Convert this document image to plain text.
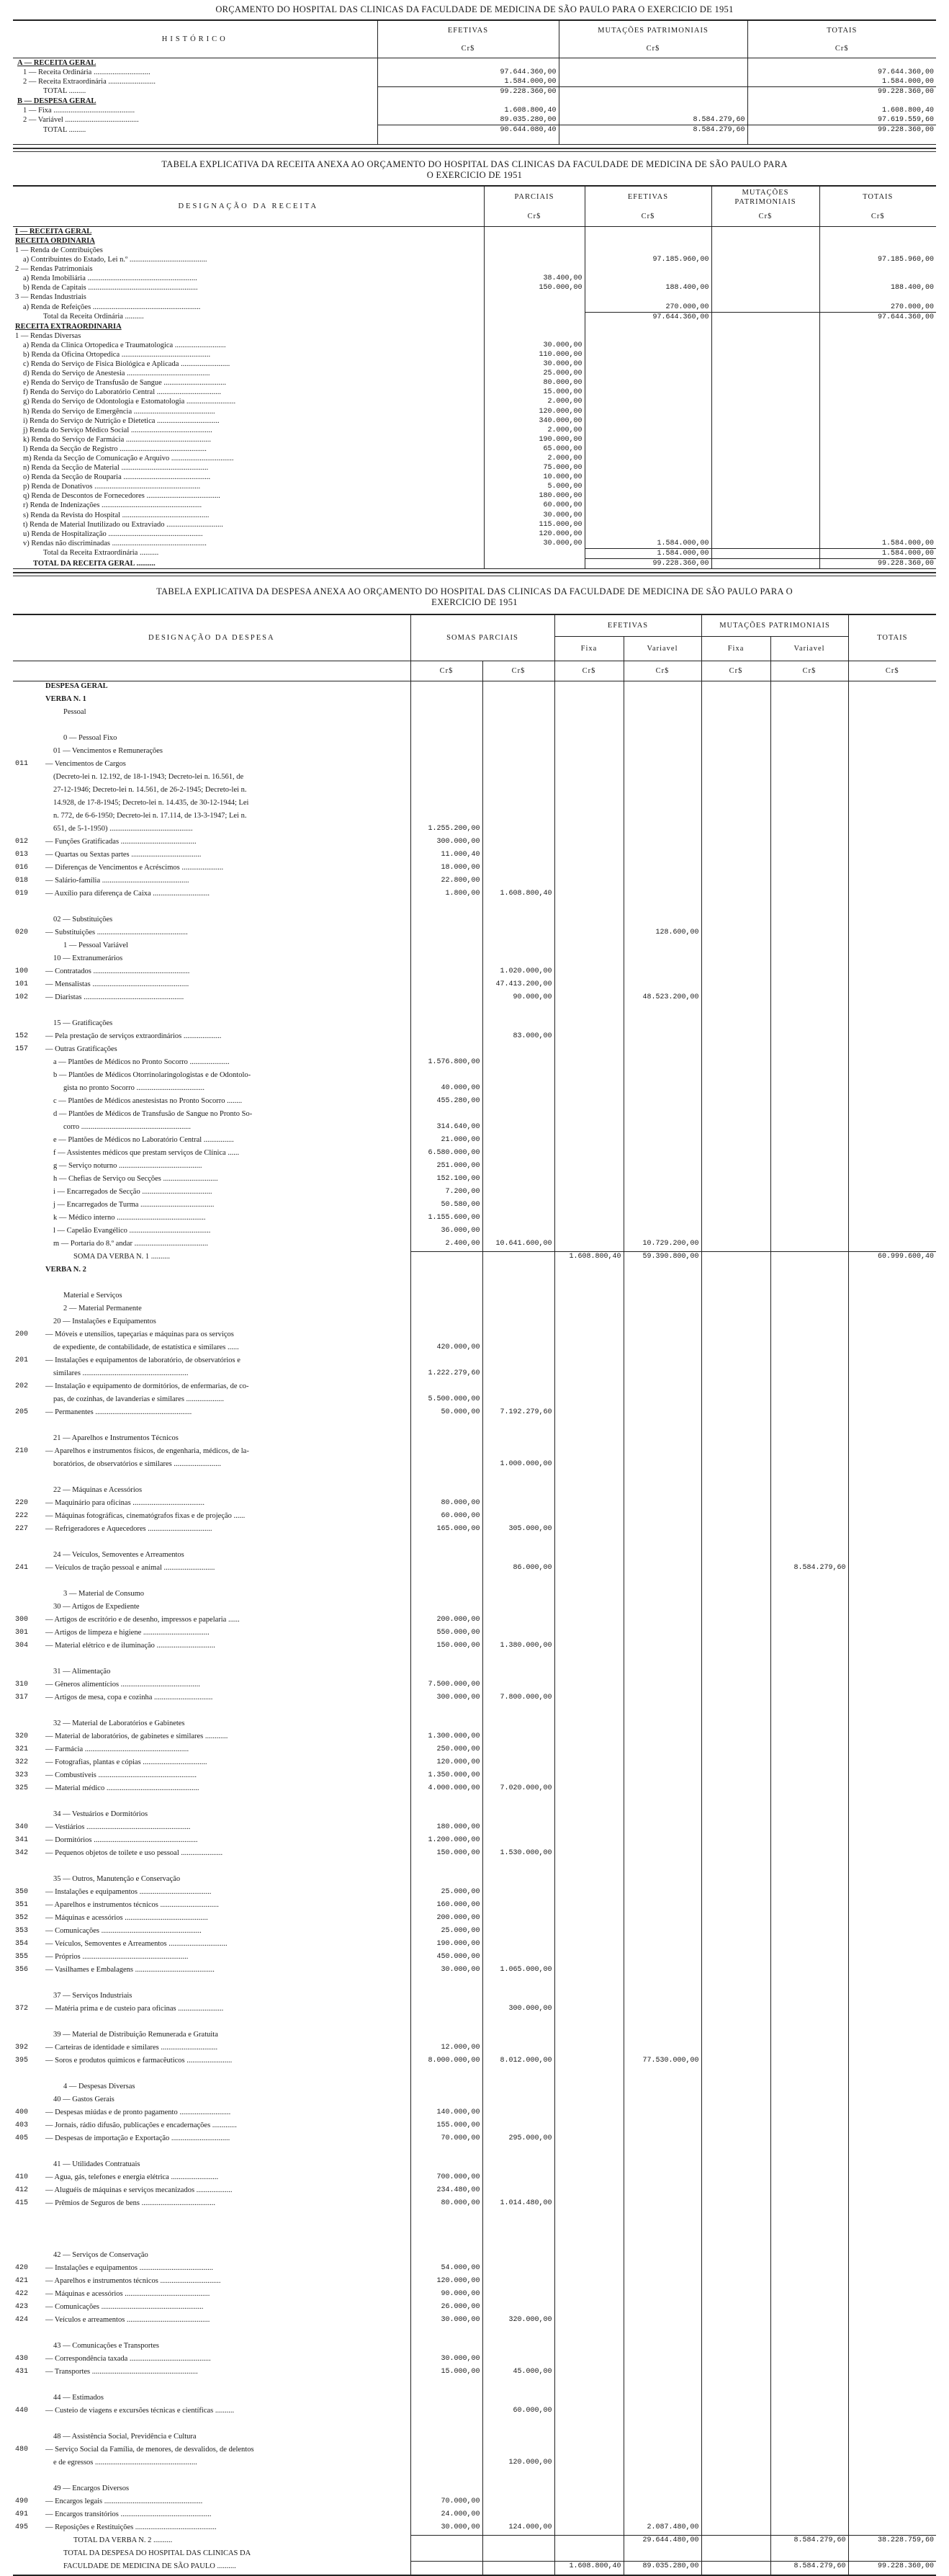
ORÇAMENTO DO HOSPITAL DAS CLINICAS DA FACULDADE DE MEDICINA DE SÃO PAULO PARA O EXERCICIO DE 1951
HISTÓRICO	EFETIVAS	MUTAÇÕES PATRIMONIAIS	TOTAIS
	Cr$	Cr$	Cr$
A — RECEITA GERAL			
1 — Receita Ordinária ..............................	97.644.360,00		97.644.360,00
2 — Receita Extraordinária .........................	1.584.000,00		1.584.000,00
TOTAL .........	99.228.360,00		99.228.360,00

B — DESPESA GERAL			
1 — Fixa ...........................................	1.608.800,40		1.608.800,40
2 — Variável .......................................	89.035.280,00	8.584.279,60	97.619.559,60
TOTAL .........	90.644.080,40	8.584.279,60	99.228.360,00

TABELA EXPLICATIVA DA RECEITA ANEXA AO ORÇAMENTO DO HOSPITAL DAS CLINICAS DA FACULDADE DE MEDICINA DE SÃO PAULO PARA
O EXERCICIO DE 1951
DESIGNAÇÃO DA RECEITA	PARCIAIS	EFETIVAS	MUTAÇÕES PATRIMONIAIS	TOTAIS
	Cr$	Cr$	Cr$	Cr$
I — RECEITA GERAL				

RECEITA ORDINARIA				
1 — Renda de Contribuições				
a) Contribuintes do Estado, Lei n.º .........................................		97.185.960,00		97.185.960,00

2 — Rendas Patrimoniais				
a) Renda Imobiliária ..........................................................	38.400,00			
b) Renda de Capitais ..........................................................	150.000,00	188.400,00		188.400,00

3 — Rendas Industriais				
a) Renda de Refeições .........................................................		270.000,00		270.000,00
Total da Receita Ordinária ..........		97.644.360,00		97.644.360,00

RECEITA EXTRAORDINARIA				
1 — Rendas Diversas				
a) Renda da Clinica Ortopedica e Traumatologica ...........................	30.000,00			
b) Renda da Oficina Ortopedica ...............................................	110.000,00			
c) Renda do Serviço de Fisica Biológica e Aplicada ..........................	30.000,00			
d) Renda do Serviço de Anestesia ............................................	25.000,00			
e) Renda do Serviço de Transfusão de Sangue .................................	80.000,00			
f) Renda do Serviço do Laboratório Central ..................................	15.000,00			
g) Renda do Serviço de Odontologia e Estomatologia ..........................	2.000,00			
h) Renda do Serviço de Emergência ...........................................	120.000,00			
i) Renda do Serviço de Nutrição e Dietetica .................................	340.000,00			
j) Renda do Serviço Médico Social ...........................................	2.000,00			
k) Renda do Serviço de Farmácia .............................................	190.000,00			
l) Renda da Secção de Registro ..............................................	65.000,00			
m) Renda da Secção de Comunicação e Arquivo .................................	2.000,00			
n) Renda da Secção de Material ..............................................	75.000,00			
o) Renda da Secção de Rouparia ..............................................	10.000,00			
p) Renda de Donativos ........................................................	5.000,00			
q) Renda de Descontos de Fornecedores .......................................	180.000,00			
r) Renda de Indenizações .....................................................	60.000,00			
s) Renda da Revista do Hospital ..............................................	30.000,00			
t) Renda de Material Inutilizado ou Extraviado ..............................	115.000,00			
u) Renda de Hospitalização ..................................................	120.000,00			
v) Rendas não discriminadas ..................................................	30.000,00	1.584.000,00		1.584.000,00
Total da Receita Extraordinária ..........		1.584.000,00		1.584.000,00
TOTAL DA RECEITA GERAL ..........		99.228.360,00		99.228.360,00
TABELA EXPLICATIVA DA DESPESA ANEXA AO ORÇAMENTO DO HOSPITAL DAS CLINICAS DA FACULDADE DE MEDICINA DE SÃO PAULO PARA O
EXERCICIO DE 1951
DESIGNAÇÃO DA DESPESA		SOMAS PARCIAIS		EFETIVAS		MUTAÇÕES PATRIMONIAIS		TOTAIS
				Fixa	Variavel	Fixa	Variavel	
		Cr$	Cr$	Cr$	Cr$	Cr$	Cr$	Cr$
DESPESA GERAL							
VERBA N. 1							
Pessoal							

0 — Pessoal Fixo							
01 — Vencimentos e Remunerações							
011 — Vencimentos de Cargos							
(Decreto-lei n. 12.192, de 18-1-1943; Decreto-lei n. 16.561, de							
27-12-1946; Decreto-lei n. 14.561, de 26-2-1945; Decreto-lei n.							
14.928, de 17-8-1945; Decreto-lei n. 14.435, de 30-12-1944; Lei							
n. 772, de 6-6-1950; Decreto-lei n. 17.114, de 13-3-1947; Lei n.							
651, de 5-1-1950) ............................................	1.255.200,00						
012 — Funções Gratificadas ........................................	300.000,00						
013 — Quartas ou Sextas partes .....................................	11.000,40						
016 — Diferenças de Vencimentos e Acréscimos ......................	18.000,00						
018 — Salário-família ..............................................	22.800,00						
019 — Auxílio para diferença de Caixa ..............................	1.800,00	1.608.800,40					

02 — Substituições							
020 — Substituições ................................................				128.600,00			
1 — Pessoal Variável							
10 — Extranumerários							
100 — Contratados ...................................................		1.020.000,00					
101 — Mensalistas ...................................................		47.413.200,00					
102 — Diaristas .....................................................		90.000,00		48.523.200,00			

15 — Gratificações							
152 — Pela prestação de serviços extraordinários ....................		83.000,00					
157 — Outras Gratificações							
a — Plantões de Médicos no Pronto Socorro .....................	1.576.800,00						
b — Plantões de Médicos Otorrinolaringologistas e de Odontolo-							
gista no pronto Socorro ....................................	40.000,00						
c — Plantões de Médicos anestesistas no Pronto Socorro ........	455.280,00						
d — Plantões de Médicos de Transfusão de Sangue no Pronto So-							
corro ..........................................................	314.640,00						
e — Plantões de Médicos no Laboratório Central ................	21.000,00						
f — Assistentes médicos que prestam serviços de Clínica ......	6.580.000,00						
g — Serviço noturno ............................................	251.000,00						
h — Chefias de Serviço ou Secções .............................	152.100,00						
i — Encarregados de Secção .....................................	7.200,00						
j — Encarregados de Turma .......................................	50.580,00						
k — Médico interno ...............................................	1.155.600,00						
l — Capelão Evangélico ...........................................	36.000,00						
m — Portaria do 8.º andar .......................................	2.400,00	10.641.600,00		10.729.200,00			
SOMA DA VERBA N. 1 ..........			1.608.800,40	59.390.800,00			60.999.600,40
VERBA N. 2							

Material e Serviços							
2 — Material Permanente							
20 — Instalações e Equipamentos							
200 — Móveis e utensílios, tapeçarias e máquinas para os serviços							
de expediente, de contabilidade, de estatística e similares ......	420.000,00						
201 — Instalações e equipamentos de laboratório, de observatórios e							
similares ........................................................	1.222.279,60						
202 — Instalação e equipamento de dormitórios, de enfermarias, de co-							
pas, de cozinhas, de lavanderias e similares ....................	5.500.000,00						
205 — Permanentes ...................................................	50.000,00	7.192.279,60					

21 — Aparelhos e Instrumentos Técnicos							
210 — Aparelhos e instrumentos físicos, de engenharia, médicos, de la-							
boratórios, de observatórios e similares .........................		1.000.000,00					

22 — Máquinas e Acessórios							
220 — Maquinário para oficinas ......................................	80.000,00						
222 — Máquinas fotográficas, cinematógrafos fixas e de projeção ......	60.000,00						
227 — Refrigeradores e Aquecedores ..................................	165.000,00	305.000,00					

24 — Veículos, Semoventes e Arreamentos							
241 — Veículos de tração pessoal e animal ...........................		86.000,00				8.584.279,60	

3 — Material de Consumo							
30 — Artigos de Expediente							
300 — Artigos de escritório e de desenho, impressos e papelaria ......	200.000,00						
301 — Artigos de limpeza e higiene ...................................	550.000,00						
304 — Material elétrico e de iluminação ...............................	150.000,00	1.380.000,00					

31 — Alimentação							
310 — Gêneros alimentícios ..........................................	7.500.000,00						
317 — Artigos de mesa, copa e cozinha ...............................	300.000,00	7.800.000,00					

32 — Material de Laboratórios e Gabinetes							
320 — Material de laboratórios, de gabinetes e similares ............	1.300.000,00						
321 — Farmácia .......................................................	250.000,00						
322 — Fotografias, plantas e cópias ..................................	120.000,00						
323 — Combustíveis ....................................................	1.350.000,00						
325 — Material médico .................................................	4.000.000,00	7.020.000,00					

34 — Vestuários e Dormitórios							
340 — Vestiários .......................................................	180.000,00						
341 — Dormitórios .......................................................	1.200.000,00						
342 — Pequenos objetos de toilete e uso pessoal ......................	150.000,00	1.530.000,00					

35 — Outros, Manutenção e Conservação							
350 — Instalações e equipamentos ......................................	25.000,00						
351 — Aparelhos e instrumentos técnicos ...............................	160.000,00						
352 — Máquinas e acessórios ............................................	200.000,00						
353 — Comunicações .....................................................	25.000,00						
354 — Veículos, Semoventes e Arreamentos ...............................	190.000,00						
355 — Próprios ........................................................	450.000,00						
356 — Vasilhames e Embalagens ..........................................	30.000,00	1.065.000,00					

37 — Serviços Industriais							
372 — Matéria prima e de custeio para oficinas ........................		300.000,00					

39 — Material de Distribuição Remunerada e Gratuita							
392 — Carteiras de identidade e similares ..............................	12.000,00						
395 — Soros e produtos químicos e farmacêuticos ........................	8.000.000,00	8.012.000,00		77.530.000,00			

4 — Despesas Diversas							
40 — Gastos Gerais							
400 — Despesas miúdas e de pronto pagamento ...........................	140.000,00						
403 — Jornais, rádio difusão, publicações e encadernações .............	155.000,00						
405 — Despesas de importação e Exportação ...............................	70.000,00	295.000,00					

41 — Utilidades Contratuais							
410 — Agua, gás, telefones e energia elétrica .........................	700.000,00						
412 — Aluguéis de máquinas e serviços mecanizados ...................	234.480,00						
415 — Prêmios de Seguros de bens .......................................	80.000,00	1.014.480,00					

42 — Serviços de Conservação							
420 — Instalações e equipamentos .......................................	54.000,00						
421 — Aparelhos e instrumentos técnicos ................................	120.000,00						
422 — Máquinas e acessórios .............................................	90.000,00						
423 — Comunicações ......................................................	26.000,00						
424 — Veículos e arreamentos ............................................	30.000,00	320.000,00					

43 — Comunicações e Transportes							
430 — Correspondência taxada ...........................................	30.000,00						
431 — Transportes ........................................................	15.000,00	45.000,00					

44 — Estimados							
440 — Custeio de viagens e excursões técnicas e científicas ..........		60.000,00					

48 — Assistência Social, Previdência e Cultura							
480 — Serviço Social da Família, de menores, de desvalidos, de delentos							
e de egressos ......................................................		120.000,00					

49 — Encargos Diversos							
490 — Encargos legais ....................................................	70.000,00						
491 — Encargos transitórios ................................................	24.000,00						
495 — Reposições e Restituições ...........................................	30.000,00	124.000,00		2.087.480,00			
TOTAL DA VERBA N. 2 ..........				29.644.480,00		8.584.279,60	38.228.759,60
TOTAL DA DESPESA DO HOSPITAL DAS CLINICAS DA							
FACULDADE DE MEDICINA DE SÃO PAULO ..........			1.608.800,40	89.035.280,00		8.584.279,60	99.228.360,00
